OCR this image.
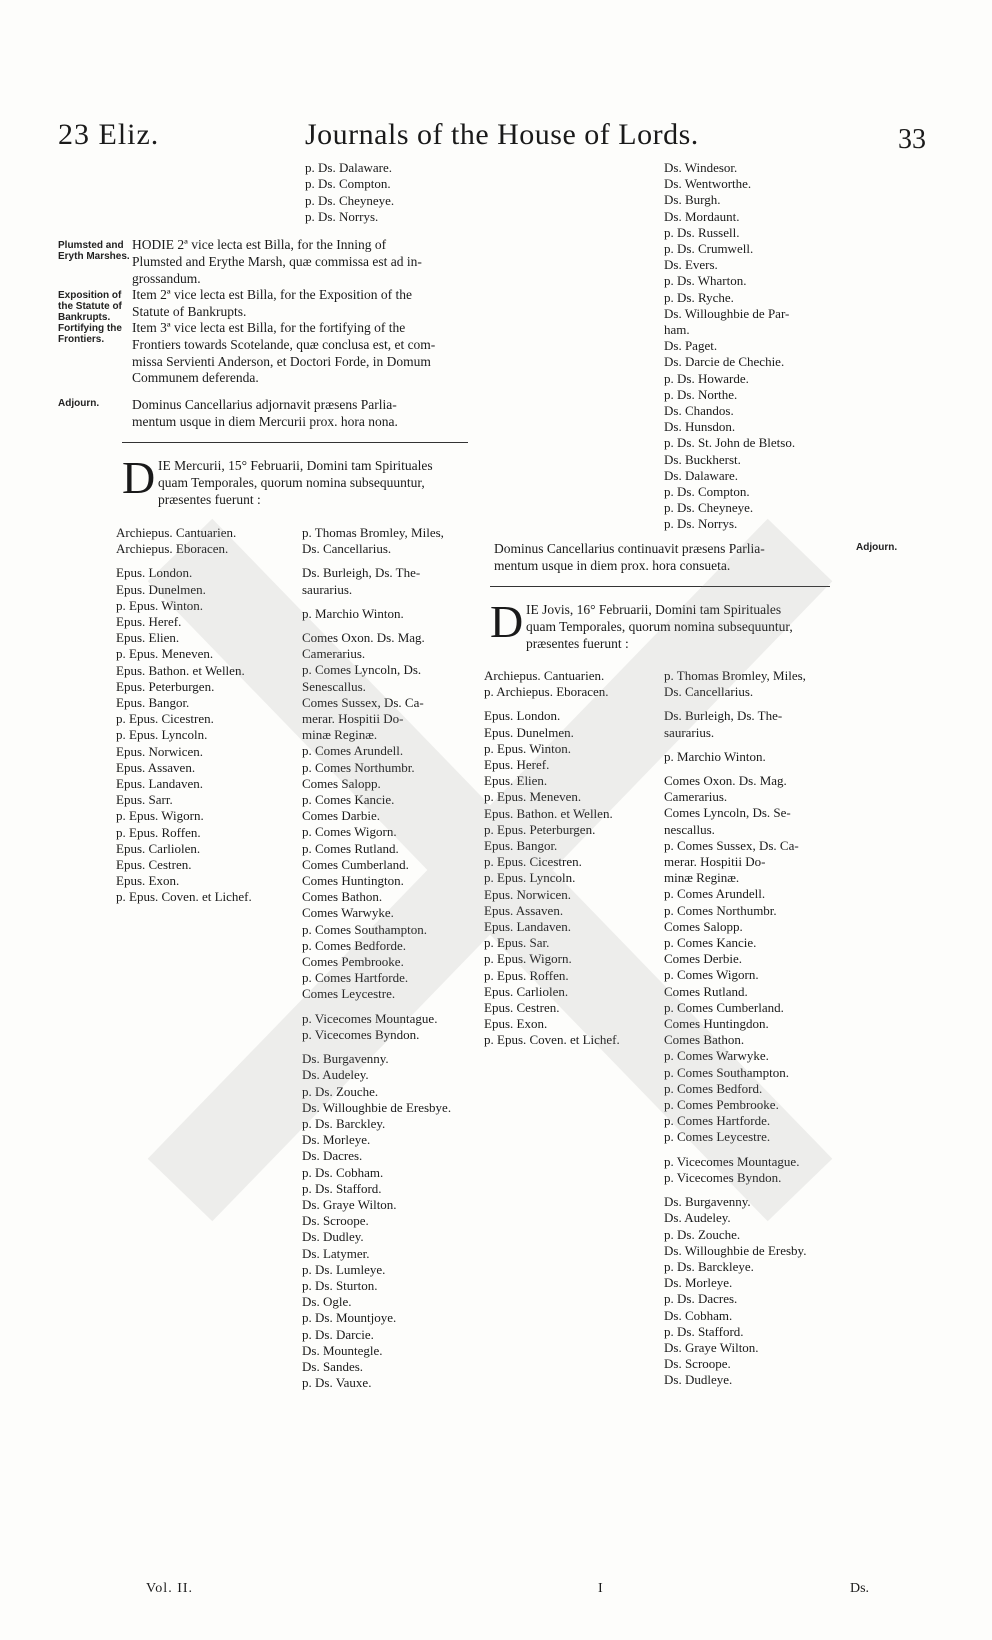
23 Eliz.	Journals of the House of Lords.	33
p. Ds. Dalaware.
p. Ds. Compton.
p. Ds. Cheyneye.
p. Ds. Norrys.
Plumsted and Eryth Marshes.
Exposition of the Statute of Bankrupts.
Fortifying the Frontiers.
Adjourn.
Adjourn.
HODIE 2ª vice lecta est Billa, for the Inning of
Plumsted and Erythe Marsh, quæ commissa est ad in-
grossandum.
Item 2ª vice lecta est Billa, for the Exposition of the
Statute of Bankrupts.
Item 3ª vice lecta est Billa, for the fortifying of the
Frontiers towards Scotelande, quæ conclusa est, et com-
missa Servienti Anderson, et Doctori Forde, in Domum
Communem deferenda.
Dominus Cancellarius adjornavit præsens Parlia-
mentum usque in diem Mercurii prox. hora nona.
D IE Mercurii, 15° Februarii, Domini tam Spirituales
quam Temporales, quorum nomina subsequuntur,
præsentes fuerunt :
Archiepus. Cantuarien.
Archiepus. Eboracen.
Epus. London.
Epus. Dunelmen.
p. Epus. Winton.
Epus. Heref.
Epus. Elien.
p. Epus. Meneven.
Epus. Bathon. et Wellen.
Epus. Peterburgen.
Epus. Bangor.
p. Epus. Cicestren.
p. Epus. Lyncoln.
Epus. Norwicen.
Epus. Assaven.
Epus. Landaven.
Epus. Sarr.
p. Epus. Wigorn.
p. Epus. Roffen.
Epus. Carliolen.
Epus. Cestren.
Epus. Exon.
p. Epus. Coven. et Lichef.
p. Thomas Bromley, Miles,
Ds. Cancellarius.
Ds. Burleigh, Ds. The-
saurarius.
p. Marchio Winton.
Comes Oxon. Ds. Mag.
Camerarius.
p. Comes Lyncoln, Ds.
Senescallus.
Comes Sussex, Ds. Ca-
merar. Hospitii Do-
minæ Reginæ.
p. Comes Arundell.
p. Comes Northumbr.
Comes Salopp.
p. Comes Kancie.
Comes Darbie.
p. Comes Wigorn.
p. Comes Rutland.
Comes Cumberland.
Comes Huntington.
Comes Bathon.
Comes Warwyke.
p. Comes Southampton.
p. Comes Bedforde.
Comes Pembrooke.
p. Comes Hartforde.
Comes Leycestre.
p. Vicecomes Mountague.
p. Vicecomes Byndon.
Ds. Burgavenny.
Ds. Audeley.
p. Ds. Zouche.
Ds. Willoughbie de Eresbye.
p. Ds. Barckley.
Ds. Morleye.
Ds. Dacres.
p. Ds. Cobham.
p. Ds. Stafford.
Ds. Graye Wilton.
Ds. Scroope.
Ds. Dudley.
Ds. Latymer.
p. Ds. Lumleye.
p. Ds. Sturton.
Ds. Ogle.
p. Ds. Mountjoye.
p. Ds. Darcie.
Ds. Mountegle.
Ds. Sandes.
p. Ds. Vauxe.
Ds. Windesor.
Ds. Wentworthe.
Ds. Burgh.
Ds. Mordaunt.
p. Ds. Russell.
p. Ds. Crumwell.
Ds. Evers.
p. Ds. Wharton.
p. Ds. Ryche.
Ds. Willoughbie de Par-
ham.
Ds. Paget.
Ds. Darcie de Chechie.
p. Ds. Howarde.
p. Ds. Northe.
Ds. Chandos.
Ds. Hunsdon.
p. Ds. St. John de Bletso.
Ds. Buckherst.
Ds. Dalaware.
p. Ds. Compton.
p. Ds. Cheyneye.
p. Ds. Norrys.
Dominus Cancellarius continuavit præsens Parlia-
mentum usque in diem prox. hora consueta.
D IE Jovis, 16° Februarii, Domini tam Spirituales
quam Temporales, quorum nomina subsequuntur,
præsentes fuerunt :
Archiepus. Cantuarien.
p. Archiepus. Eboracen.
Epus. London.
Epus. Dunelmen.
p. Epus. Winton.
Epus. Heref.
Epus. Elien.
p. Epus. Meneven.
Epus. Bathon. et Wellen.
p. Epus. Peterburgen.
Epus. Bangor.
p. Epus. Cicestren.
p. Epus. Lyncoln.
Epus. Norwicen.
Epus. Assaven.
Epus. Landaven.
p. Epus. Sar.
p. Epus. Wigorn.
p. Epus. Roffen.
Epus. Carliolen.
Epus. Cestren.
Epus. Exon.
p. Epus. Coven. et Lichef.
p. Thomas Bromley, Miles,
Ds. Cancellarius.
Ds. Burleigh, Ds. The-
saurarius.
p. Marchio Winton.
Comes Oxon. Ds. Mag.
Camerarius.
Comes Lyncoln, Ds. Se-
nescallus.
p. Comes Sussex, Ds. Ca-
merar. Hospitii Do-
minæ Reginæ.
p. Comes Arundell.
p. Comes Northumbr.
Comes Salopp.
p. Comes Kancie.
Comes Derbie.
p. Comes Wigorn.
Comes Rutland.
p. Comes Cumberland.
Comes Huntingdon.
Comes Bathon.
p. Comes Warwyke.
p. Comes Southampton.
p. Comes Bedford.
p. Comes Pembrooke.
p. Comes Hartforde.
p. Comes Leycestre.
p. Vicecomes Mountague.
p. Vicecomes Byndon.
Ds. Burgavenny.
Ds. Audeley.
p. Ds. Zouche.
Ds. Willoughbie de Eresby.
p. Ds. Barckleye.
Ds. Morleye.
p. Ds. Dacres.
Ds. Cobham.
p. Ds. Stafford.
Ds. Graye Wilton.
Ds. Scroope.
Ds. Dudleye.
Vol. II.	I	Ds.
